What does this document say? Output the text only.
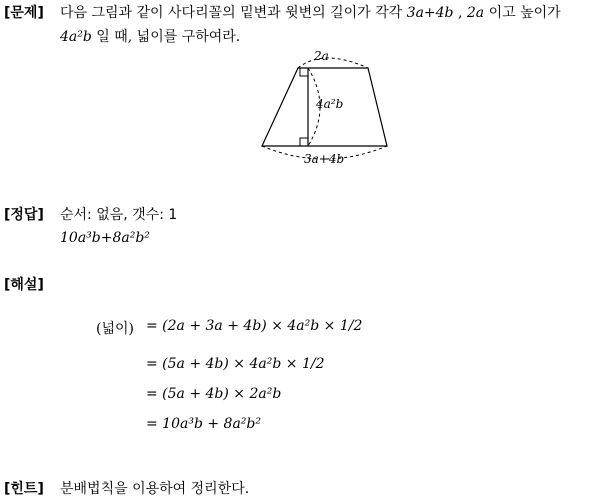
[문제] 다음 그림과 같이 사다리꼴의 밑변과 윗변의 길이가 각각 3a+4b , 2a 이고 높이가
4a²b 일 때, 넓이를 구하여라.
2a
4a²b
3a+4b
[정답] 순서: 없음, 갯수: 1
10a³b+8a²b²
[해설]
(넓이) = (2a + 3a + 4b) × 4a²b × 1/2
= (5a + 4b) × 4a²b × 1/2
= (5a + 4b) × 2a²b
= 10a³b + 8a²b²
[힌트] 분배법칙을 이용하여 정리한다.
